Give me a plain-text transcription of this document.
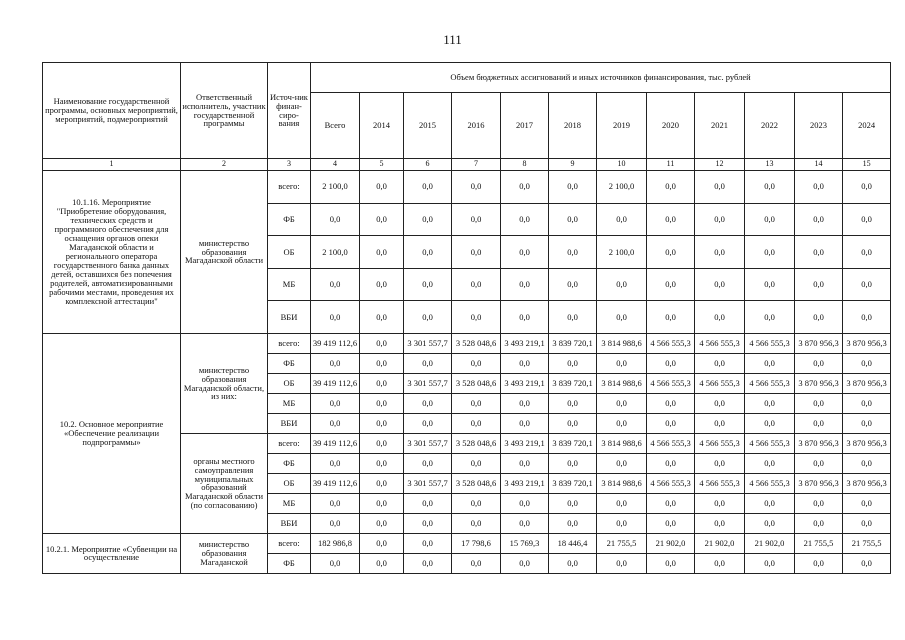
111
Наименование государственной программы, основных мероприятий, мероприятий, подмероприятий	Ответственный исполнитель, участник государственной программы	Источ-ник финан-сиро-вания	Объем бюджетных ассигнований и иных источников финансирования, тыс. рублей											
			Всего	2014	2015	2016	2017	2018	2019	2020	2021	2022	2023	2024
1	2	3	4	5	6	7	8	9	10	11	12	13	14	15
10.1.16. Мероприятие "Приобретение оборудования, технических средств и программного обеспечения для оснащения органов опеки Магаданской области и регионального оператора государственного банка данных детей, оставшихся без попечения родителей, автоматизированными рабочими местами, проведения их комплексной аттестации"	министерство образования Магаданской области	всего:	2 100,0	0,0	0,0	0,0	0,0	0,0	2 100,0	0,0	0,0	0,0	0,0	0,0
		ФБ	0,0	0,0	0,0	0,0	0,0	0,0	0,0	0,0	0,0	0,0	0,0	0,0
		ОБ	2 100,0	0,0	0,0	0,0	0,0	0,0	2 100,0	0,0	0,0	0,0	0,0	0,0
		МБ	0,0	0,0	0,0	0,0	0,0	0,0	0,0	0,0	0,0	0,0	0,0	0,0
		ВБИ	0,0	0,0	0,0	0,0	0,0	0,0	0,0	0,0	0,0	0,0	0,0	0,0
10.2. Основное мероприятие «Обеспечение реализации подпрограммы»	министерство образования Магаданской области, из них:	всего:	39 419 112,6	0,0	3 301 557,7	3 528 048,6	3 493 219,1	3 839 720,1	3 814 988,6	4 566 555,3	4 566 555,3	4 566 555,3	3 870 956,3	3 870 956,3
		ФБ	0,0	0,0	0,0	0,0	0,0	0,0	0,0	0,0	0,0	0,0	0,0	0,0
		ОБ	39 419 112,6	0,0	3 301 557,7	3 528 048,6	3 493 219,1	3 839 720,1	3 814 988,6	4 566 555,3	4 566 555,3	4 566 555,3	3 870 956,3	3 870 956,3
		МБ	0,0	0,0	0,0	0,0	0,0	0,0	0,0	0,0	0,0	0,0	0,0	0,0
		ВБИ	0,0	0,0	0,0	0,0	0,0	0,0	0,0	0,0	0,0	0,0	0,0	0,0
	органы местного самоуправления муниципальных образований Магаданской области (по согласованию)	всего:	39 419 112,6	0,0	3 301 557,7	3 528 048,6	3 493 219,1	3 839 720,1	3 814 988,6	4 566 555,3	4 566 555,3	4 566 555,3	3 870 956,3	3 870 956,3
		ФБ	0,0	0,0	0,0	0,0	0,0	0,0	0,0	0,0	0,0	0,0	0,0	0,0
		ОБ	39 419 112,6	0,0	3 301 557,7	3 528 048,6	3 493 219,1	3 839 720,1	3 814 988,6	4 566 555,3	4 566 555,3	4 566 555,3	3 870 956,3	3 870 956,3
		МБ	0,0	0,0	0,0	0,0	0,0	0,0	0,0	0,0	0,0	0,0	0,0	0,0
		ВБИ	0,0	0,0	0,0	0,0	0,0	0,0	0,0	0,0	0,0	0,0	0,0	0,0
10.2.1. Мероприятие «Субвенции на осуществление	министерство образования Магаданской	всего:	182 986,8	0,0	0,0	17 798,6	15 769,3	18 446,4	21 755,5	21 902,0	21 902,0	21 902,0	21 755,5	21 755,5
		ФБ	0,0	0,0	0,0	0,0	0,0	0,0	0,0	0,0	0,0	0,0	0,0	0,0
